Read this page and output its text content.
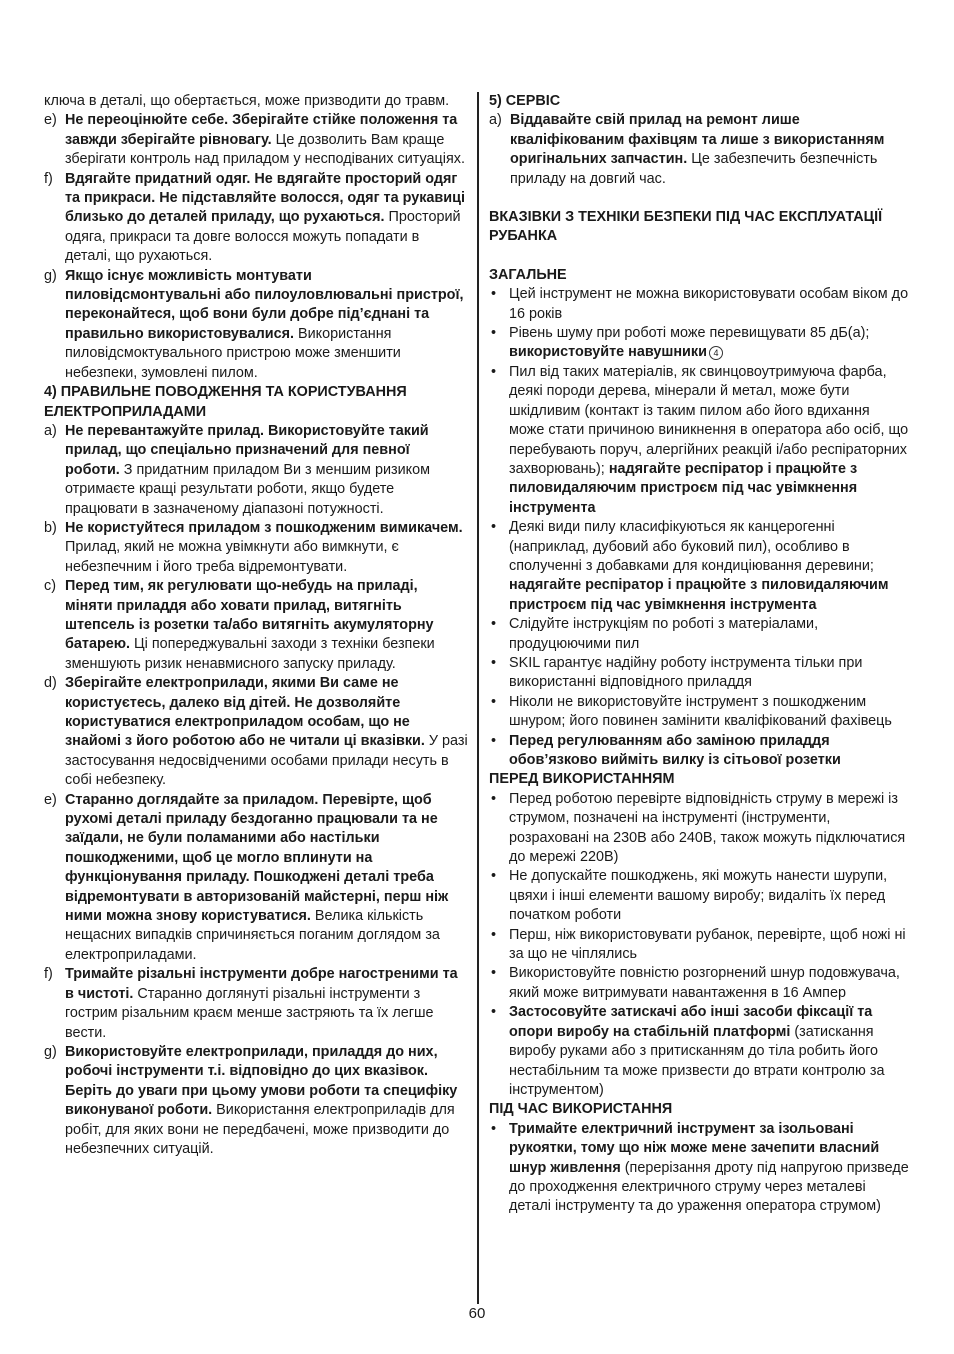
ключа в деталі, що обертається, може призводити до травм.
e) Не переоцінюйте себе. Зберігайте стійке положення та завжди зберігайте рівновагу. Це дозволить Вам краще зберігати контроль над приладом у несподіваних ситуаціях.
f) Вдягайте придатний одяг. Не вдягайте просторий одяг та прикраси. Не підставляйте волосся, одяг та рукавиці близько до деталей приладу, що рухаються. Просторий одяга, прикраси та довге волосся можуть попадати в деталі, що рухаються.
g) Якщо існує можливість монтувати пиловідсмонтувальні або пилоуловлювальні пристрої, переконайтеся, щоб вони були добре під’єднані та правильно використовувалися. Використання пиловідсмоктувального пристрою може зменшити небезпеки, зумовлені пилом.
4) ПРАВИЛЬНЕ ПОВОДЖЕННЯ ТА КОРИСТУВАННЯ ЕЛЕКТРОПРИЛАДАМИ
a) Не перевантажуйте прилад. Використовуйте такий прилад, що спеціально призначений для певної роботи. З придатним приладом Ви з меншим ризиком отримаєте кращі результати роботи, якщо будете працювати в зазначеному діапазоні потужності.
b) Не користуйтеся приладом з пошкодженим вимикачем. Прилад, який не можна увімкнути або вимкнути, є небезпечним і його треба відремонтувати.
c) Перед тим, як регулювати що-небудь на приладі, міняти приладдя або ховати прилад, витягніть штепсель із розетки та/або витягніть акумуляторну батарею. Ці попереджувальні заходи з техніки безпеки зменшують ризик ненавмисного запуску приладу.
d) Зберігайте електроприлади, якими Ви саме не користуєтесь, далеко від дітей. Не дозволяйте користуватися електроприладом особам, що не знайомі з його роботою або не читали ці вказівки. У разі застосування недосвідченими особами прилади несуть в собі небезпеку.
e) Старанно доглядайте за приладом. Перевірте, щоб рухомі деталі приладу бездоганно працювали та не заїдали, не були поламаними або настільки пошкодженими, щоб це могло вплинути на функціонування приладу. Пошкоджені деталі треба відремонтувати в авторизованій майстерні, перш ніж ними можна знову користуватися. Велика кількість нещасних випадків спричиняється поганим доглядом за електроприладами.
f) Тримайте різальні інструменти добре нагостреними та в чистоті. Старанно доглянуті різальні інструменти з гострим різальним краєм менше застряють та їх легше вести.
g) Використовуйте електроприлади, приладдя до них, робочі інструменти т.і. відповідно до цих вказівок. Беріть до уваги при цьому умови роботи та специфіку виконуваної роботи. Використання електроприладів для робіт, для яких вони не передбачені, може призводити до небезпечних ситуацій.
5) СЕРВІС
a) Віддавайте свій прилад на ремонт лише кваліфікованим фахівцям та лише з використанням оригінальних запчастин. Це забезпечить безпечність приладу на довгий час.
ВКАЗІВКИ З ТЕХНІКИ БЕЗПЕКИ ПІД ЧАС ЕКСПЛУАТАЦІЇ РУБАНКА
ЗАГАЛЬНЕ
• Цей інструмент не можна використовувати особам віком до 16 років
• Рівень шуму при роботі може перевищувати 85 дБ(а); використовуйте навушники 4
• Пил від таких матеріалів, як свинцовоутримуюча фарба, деякі породи дерева, мінерали й метал, може бути шкідливим (контакт із таким пилом або його вдихання може стати причиною виникнення в оператора або осіб, що перебувають поруч, алергійних реакцій і/або респіраторних захворювань); надягайте респіратор і працюйте з пиловидаляючим пристроєм під час увімкнення інструмента
• Деякі види пилу класифікуються як канцерогенні (наприклад, дубовий або буковий пил), особливо в сполученні з добавками для кондиціювання деревини; надягайте респіратор і працюйте з пиловидаляючим пристроєм під час увімкнення інструмента
• Слідуйте інструкціям по роботі з матеріалами, продуцюючими пил
• SKIL гарантує надійну роботу інструмента тільки при використанні відповідного приладдя
• Ніколи не використовуйте інструмент з пошкодженим шнуром; його повинен замінити кваліфікований фахівець
• Перед регулюванням або заміною приладдя обов’язково вийміть вилку із сітьової розетки
ПЕРЕД ВИКОРИСТАННЯМ
• Перед роботою перевірте відповідність струму в мережі із струмом, позначені на інструменті (інструменти, розраховані на 230В або 240В, також можуть підключатися до мережі 220В)
• Не допускайте пошкоджень, які можуть нанести шурупи, цвяхи і інші елементи вашому виробу; видаліть їх перед початком роботи
• Перш, ніж використовувати рубанок, перевірте, щоб ножі ні за що не чіплялись
• Використовуйте повністю розгорнений шнур подовжувача, який може витримувати навантаження в 16 Ампер
• Застосовуйте затискачі або інші засоби фіксації та опори виробу на стабільній платформі (затискання виробу руками або з притисканням до тіла робить його нестабільним та може призвести до втрати контролю за інструментом)
ПІД ЧАС ВИКОРИСТАННЯ
• Тримайте електричний інструмент за ізольовані рукоятки, тому що ніж може мене зачепити власний шнур живлення (перерізання дроту під напругою призведе до проходження електричного струму через металеві деталі інструменту та до ураження оператора струмом)
60
